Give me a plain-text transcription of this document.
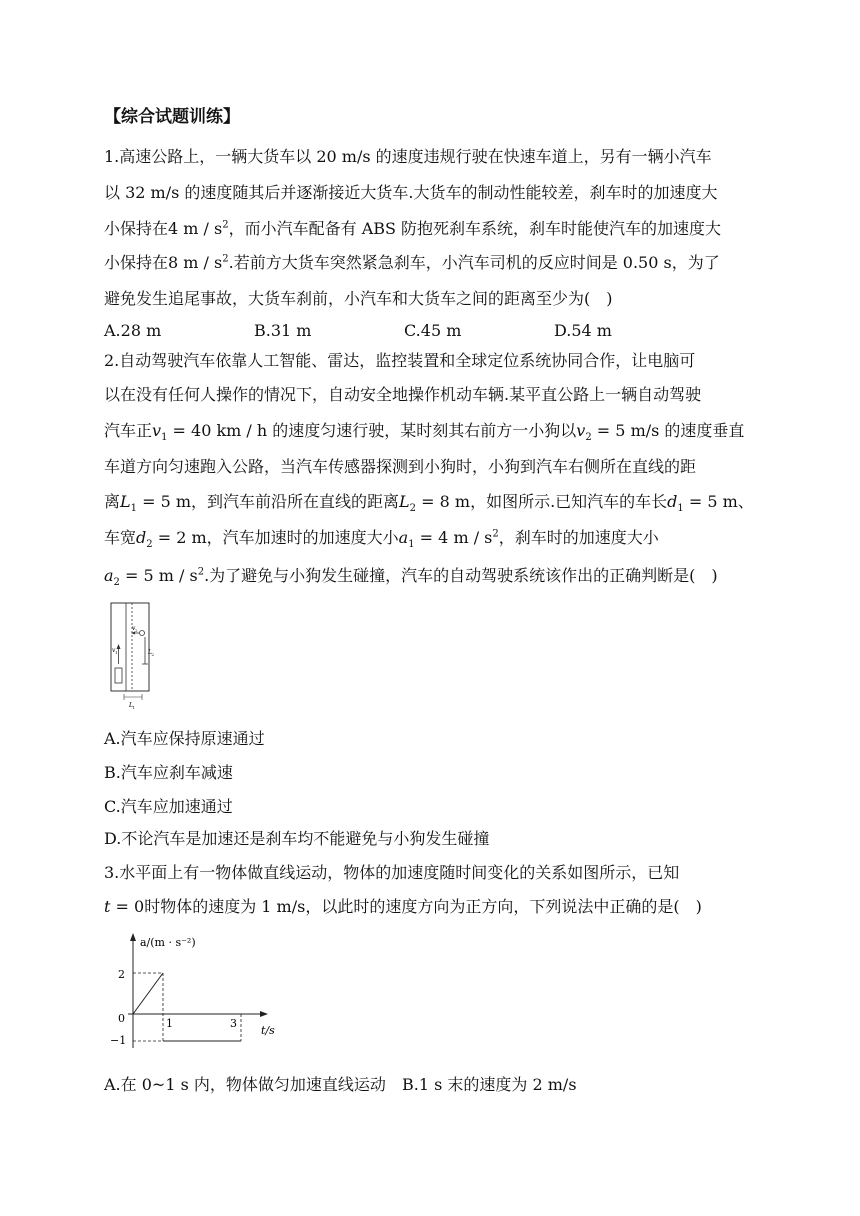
【综合试题训练】
1.高速公路上，一辆大货车以 20 m/s 的速度违规行驶在快速车道上，另有一辆小汽车
以 32 m/s 的速度随其后并逐渐接近大货车.大货车的制动性能较差，刹车时的加速度大
小保持在4 m / $s^2$，而小汽车配备有 ABS 防抱死刹车系统，刹车时能使汽车的加速度大
小保持在8 m / $s^2$.若前方大货车突然紧急刹车，小汽车司机的反应时间是 0.50 s，为了
避免发生追尾事故，大货车刹前，小汽车和大货车之间的距离至少为(　)
A.28 m	B.31 m	C.45 m	D.54 m
2.自动驾驶汽车依靠人工智能、雷达，监控装置和全球定位系统协同合作，让电脑可
以在没有任何人操作的情况下，自动安全地操作机动车辆.某平直公路上一辆自动驾驶
汽车正$v_1 = 40$ km / h 的速度匀速行驶，某时刻其右前方一小狗以$v_2 = 5$ m/s 的速度垂直
车道方向匀速跑入公路，当汽车传感器探测到小狗时，小狗到汽车右侧所在直线的距
离$L_1 = 5$ m，到汽车前沿所在直线的距离$L_2 = 8$ m，如图所示.已知汽车的车长$d_1 = 5$ m、
车宽$d_2 = 2$ m，汽车加速时的加速度大小$a_1 = 4$ m / $s^2$，刹车时的加速度大小
$a_2 = 5$ m / $s^2$.为了避免与小狗发生碰撞，汽车的自动驾驶系统该作出的正确判断是(　)
v 1
v 2
L 2
L 1
A.汽车应保持原速通过
B.汽车应刹车减速
C.汽车应加速通过
D.不论汽车是加速还是刹车均不能避免与小狗发生碰撞
3.水平面上有一物体做直线运动，物体的加速度随时间变化的关系如图所示，已知
t = 0时物体的速度为 1 m/s，以此时的速度方向为正方向，下列说法中正确的是(　)
a/(m · s⁻²)
t/s
2
0
−1
1	3
A.在 0~1 s 内，物体做匀加速直线运动 B.1 s 末的速度为 2 m/s
